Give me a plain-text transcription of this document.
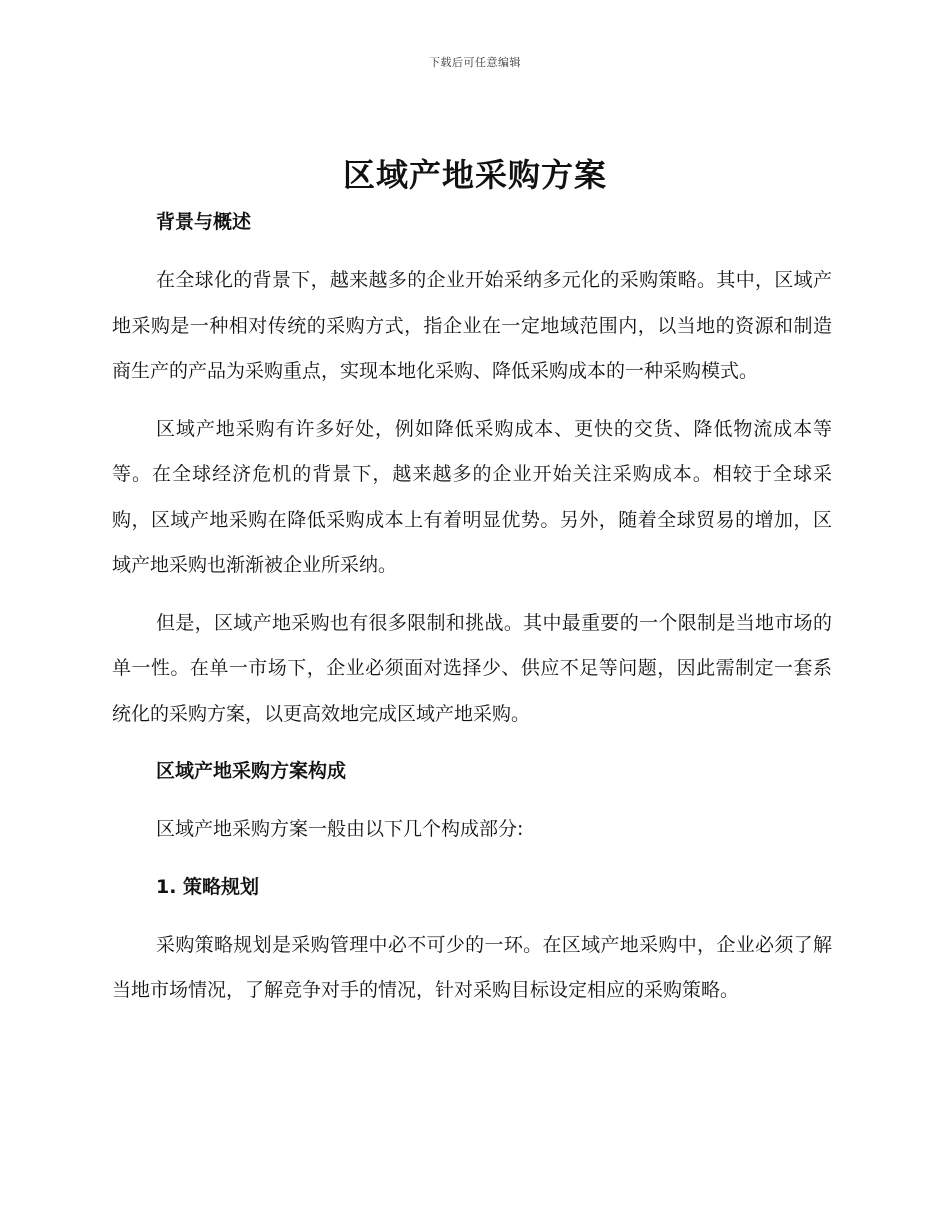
下载后可任意编辑
区域产地采购方案
背景与概述

在全球化的背景下，越来越多的企业开始采纳多元化的采购策略。其中，区域产地采购是一种相对传统的采购方式，指企业在一定地域范围内，以当地的资源和制造商生产的产品为采购重点，实现本地化采购、降低采购成本的一种采购模式。

区域产地采购有许多好处，例如降低采购成本、更快的交货、降低物流成本等等。在全球经济危机的背景下，越来越多的企业开始关注采购成本。相较于全球采购，区域产地采购在降低采购成本上有着明显优势。另外，随着全球贸易的增加，区域产地采购也渐渐被企业所采纳。

但是，区域产地采购也有很多限制和挑战。其中最重要的一个限制是当地市场的单一性。在单一市场下，企业必须面对选择少、供应不足等问题，因此需制定一套系统化的采购方案，以更高效地完成区域产地采购。

区域产地采购方案构成

区域产地采购方案一般由以下几个构成部分:

1. 策略规划

采购策略规划是采购管理中必不可少的一环。在区域产地采购中，企业必须了解当地市场情况，了解竞争对手的情况，针对采购目标设定相应的采购策略。
